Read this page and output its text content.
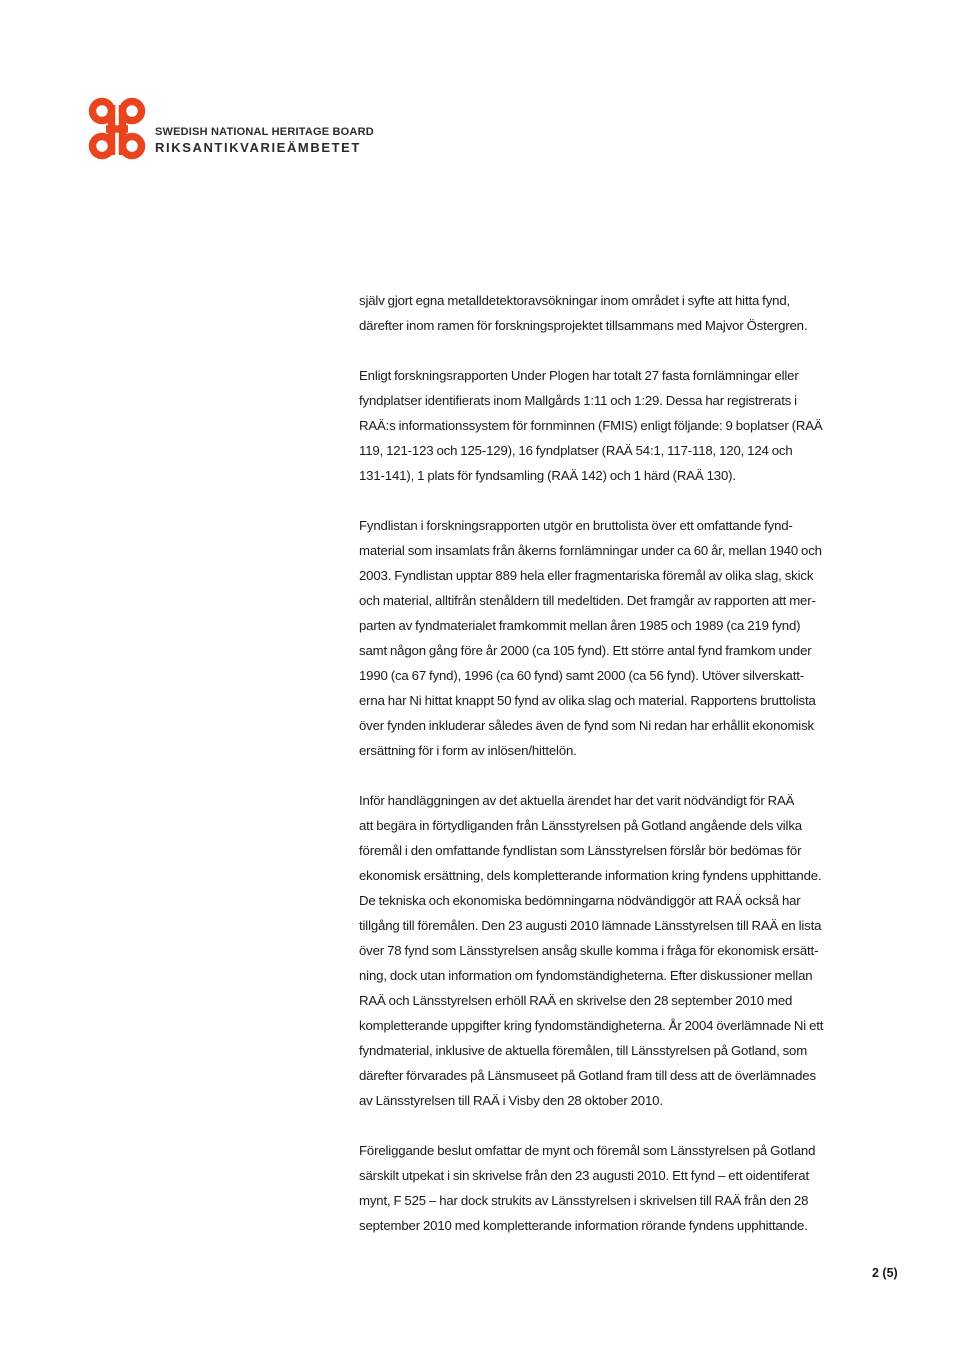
SWEDISH NATIONAL HERITAGE BOARD
RIKSANTIKVARIEÄMBETET

själv gjort egna metalldetektoravsökningar inom området i syfte att hitta fynd,
därefter inom ramen för forskningsprojektet tillsammans med Majvor Östergren.

Enligt forskningsrapporten Under Plogen har totalt 27 fasta fornlämningar eller
fyndplatser identifierats inom Mallgårds 1:11 och 1:29. Dessa har registrerats i
RAÄ:s informationssystem för fornminnen (FMIS) enligt följande: 9 boplatser (RAÄ
119, 121-123 och 125-129), 16 fyndplatser (RAÄ 54:1, 117-118, 120, 124 och
131-141), 1 plats för fyndsamling (RAÄ 142) och 1 härd (RAÄ 130).

Fyndlistan i forskningsrapporten utgör en bruttolista över ett omfattande fynd-
material som insamlats från åkerns fornlämningar under ca 60 år, mellan 1940 och
2003. Fyndlistan upptar 889 hela eller fragmentariska föremål av olika slag, skick
och material, alltifrån stenåldern till medeltiden. Det framgår av rapporten att mer-
parten av fyndmaterialet framkommit mellan åren 1985 och 1989 (ca 219 fynd)
samt någon gång före år 2000 (ca 105 fynd). Ett större antal fynd framkom under
1990 (ca 67 fynd), 1996 (ca 60 fynd) samt 2000 (ca 56 fynd). Utöver silverskatt-
erna har Ni hittat knappt 50 fynd av olika slag och material. Rapportens bruttolista
över fynden inkluderar således även de fynd som Ni redan har erhållit ekonomisk
ersättning för i form av inlösen/hittelön.

Inför handläggningen av det aktuella ärendet har det varit nödvändigt för RAÄ
att begära in förtydliganden från Länsstyrelsen på Gotland angående dels vilka
föremål i den omfattande fyndlistan som Länsstyrelsen förslår bör bedömas för
ekonomisk ersättning, dels kompletterande information kring fyndens upphittande.
De tekniska och ekonomiska bedömningarna nödvändiggör att RAÄ också har
tillgång till föremålen. Den 23 augusti 2010 lämnade Länsstyrelsen till RAÄ en lista
över 78 fynd som Länsstyrelsen ansåg skulle komma i fråga för ekonomisk ersätt-
ning, dock utan information om fyndomständigheterna. Efter diskussioner mellan
RAÄ och Länsstyrelsen erhöll RAÄ en skrivelse den 28 september 2010 med
kompletterande uppgifter kring fyndomständigheterna. År 2004 överlämnade Ni ett
fyndmaterial, inklusive de aktuella föremålen, till Länsstyrelsen på Gotland, som
därefter förvarades på Länsmuseet på Gotland fram till dess att de överlämnades
av Länsstyrelsen till RAÄ i Visby den 28 oktober 2010.

Föreliggande beslut omfattar de mynt och föremål som Länsstyrelsen på Gotland
särskilt utpekat i sin skrivelse från den 23 augusti 2010. Ett fynd – ett oidentiferat
mynt, F 525 – har dock strukits av Länsstyrelsen i skrivelsen till RAÄ från den 28
september 2010 med kompletterande information rörande fyndens upphittande.

2 (5)
